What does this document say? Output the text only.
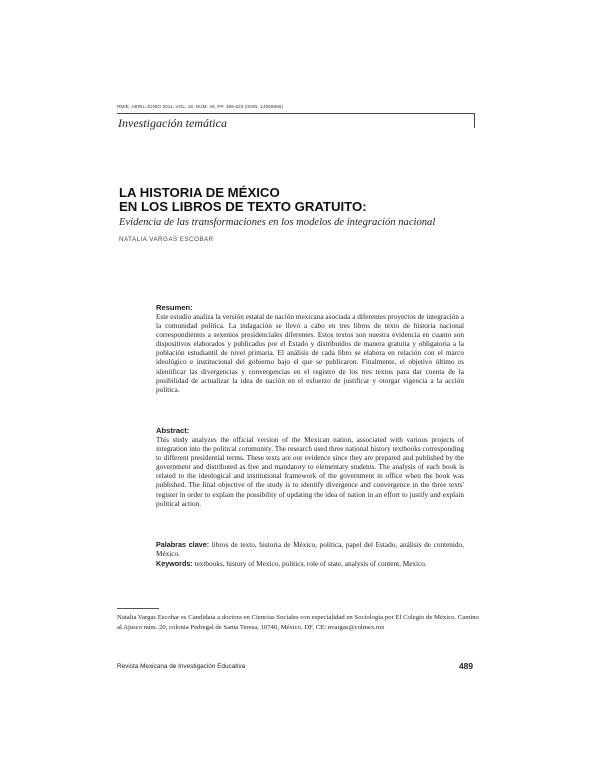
RMIE, ABRIL-JUNIO 2011, VOL. 16, NÚM. 49, PP. 489-523 (ISSN: 14056666)
Investigación temática
LA HISTORIA DE MÉXICO
EN LOS LIBROS DE TEXTO GRATUITO:
Evidencia de las transformaciones en los modelos de integración nacional
NATALIA VARGAS ESCOBAR

Resumen:

Este estudio analiza la versión estatal de nación mexicana asociada a diferentes proyectos de integración a la comunidad política. La indagación se llevó a cabo en tres libros de texto de historia nacional correspondientes a sexenios presidenciales diferentes. Estos textos son nuestra evidencia en cuanto son dispositivos elaborados y publicados por el Estado y distribuidos de manera gratuita y obligatoria a la población estudiantil de nivel primaria. El análisis de cada libro se elabora en relación con el marco ideológico e institucional del gobierno bajo el que se publicaron. Finalmente, el objetivo último es identificar las divergencias y convergencias en el registro de los tres textos para dar cuenta de la posibilidad de actualizar la idea de nación en el esfuerzo de justificar y otorgar vigencia a la acción política.

Abstract:

This study analyzes the official version of the Mexican nation, associated with various projects of integration into the political community. The research used three national history textbooks corresponding to different presidential terms. These texts are our evidence since they are prepared and published by the government and distributed as free and mandatory to elementary students. The analysis of each book is related to the ideological and institutional framework of the government in office when the book was published. The final objective of the study is to identify divergence and convergence in the three texts' register in order to explain the possibility of updating the idea of nation in an effort to justify and explain political action.

Palabras clave: libros de texto, historia de México, política, papel del Estado, análisis de contenido, México.

Keywords: textbooks, history of Mexico, politics, role of state, analysis of content, Mexico.

Natalia Vargas Escobar es Candidata a doctora en Ciencias Sociales con especialidad en Sociología por El Colegio de México. Camino al Ajusco núm. 20, colonia Pedregal de Santa Teresa, 10740, México, DF. CE: nvargas@colmex.mx

Revista Mexicana de Investigación Educativa	489
